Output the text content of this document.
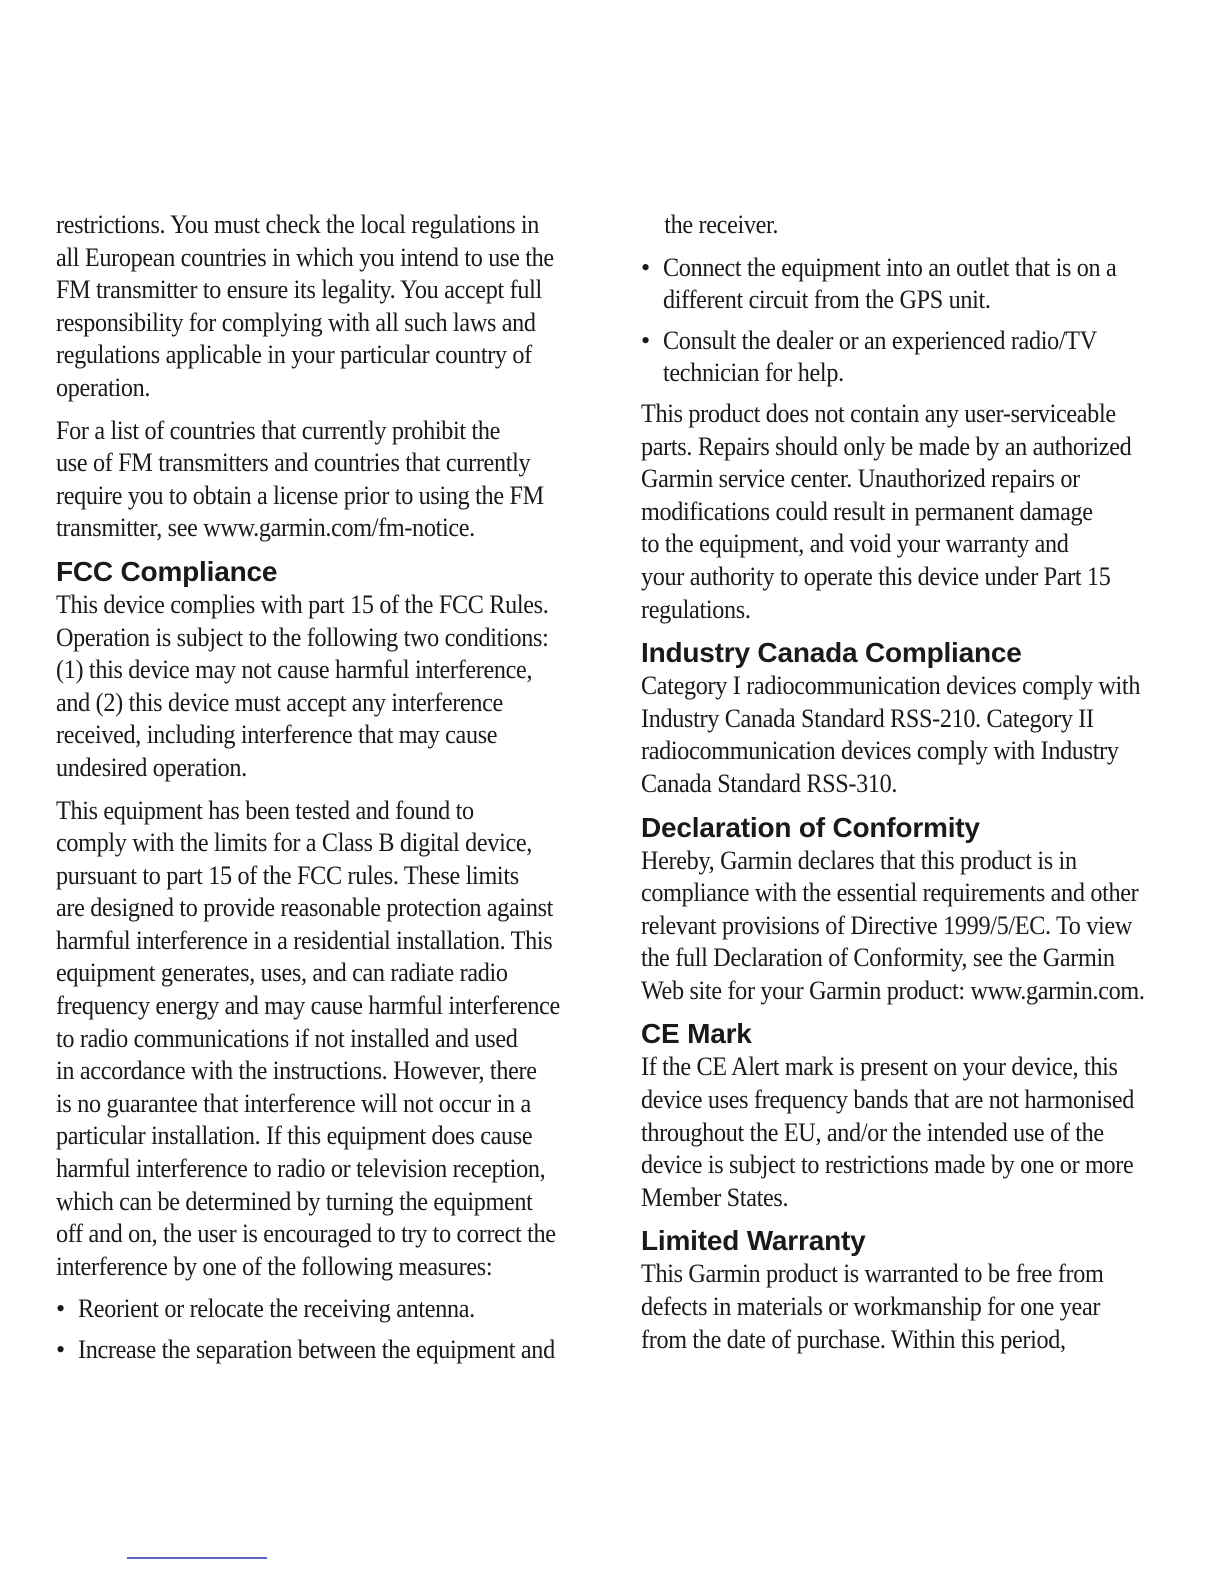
restrictions. You must check the local regulations in
all European countries in which you intend to use the
FM transmitter to ensure its legality. You accept full
responsibility for complying with all such laws and
regulations applicable in your particular country of
operation.

For a list of countries that currently prohibit the
use of FM transmitters and countries that currently
require you to obtain a license prior to using the FM
transmitter, see www.garmin.com/fm-notice.

FCC Compliance

This device complies with part 15 of the FCC Rules.
Operation is subject to the following two conditions:
(1) this device may not cause harmful interference,
and (2) this device must accept any interference
received, including interference that may cause
undesired operation.

This equipment has been tested and found to
comply with the limits for a Class B digital device,
pursuant to part 15 of the FCC rules. These limits
are designed to provide reasonable protection against
harmful interference in a residential installation. This
equipment generates, uses, and can radiate radio
frequency energy and may cause harmful interference
to radio communications if not installed and used
in accordance with the instructions. However, there
is no guarantee that interference will not occur in a
particular installation. If this equipment does cause
harmful interference to radio or television reception,
which can be determined by turning the equipment
off and on, the user is encouraged to try to correct the
interference by one of the following measures:

• Reorient or relocate the receiving antenna.

• Increase the separation between the equipment and

the receiver.

• Connect the equipment into an outlet that is on a
different circuit from the GPS unit.

• Consult the dealer or an experienced radio/TV
technician for help.

This product does not contain any user-serviceable
parts. Repairs should only be made by an authorized
Garmin service center. Unauthorized repairs or
modifications could result in permanent damage
to the equipment, and void your warranty and
your authority to operate this device under Part 15
regulations.

Industry Canada Compliance

Category I radiocommunication devices comply with
Industry Canada Standard RSS-210. Category II
radiocommunication devices comply with Industry
Canada Standard RSS-310.

Declaration of Conformity

Hereby, Garmin declares that this product is in
compliance with the essential requirements and other
relevant provisions of Directive 1999/5/EC. To view
the full Declaration of Conformity, see the Garmin
Web site for your Garmin product: www.garmin.com.

CE Mark

If the CE Alert mark is present on your device, this
device uses frequency bands that are not harmonised
throughout the EU, and/or the intended use of the
device is subject to restrictions made by one or more
Member States.

Limited Warranty

This Garmin product is warranted to be free from
defects in materials or workmanship for one year
from the date of purchase. Within this period,
